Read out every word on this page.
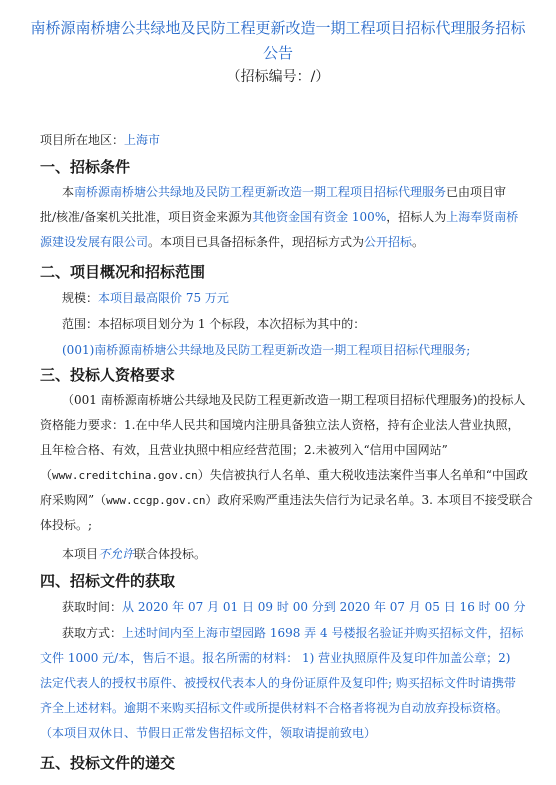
南桥源南桥塘公共绿地及民防工程更新改造一期工程项目招标代理服务招标公告
（招标编号：/）
项目所在地区：上海市
一、招标条件
本南桥源南桥塘公共绿地及民防工程更新改造一期工程项目招标代理服务已由项目审
批/核准/备案机关批准，项目资金来源为其他资金国有资金 100%，招标人为上海奉贤南桥
源建设发展有限公司。本项目已具备招标条件，现招标方式为公开招标。
二、项目概况和招标范围
规模：本项目最高限价 75 万元
范围：本招标项目划分为 1 个标段，本次招标为其中的：
(001)南桥源南桥塘公共绿地及民防工程更新改造一期工程项目招标代理服务;
三、投标人资格要求
（001 南桥源南桥塘公共绿地及民防工程更新改造一期工程项目招标代理服务)的投标人
资格能力要求：1.在中华人民共和国境内注册具备独立法人资格，持有企业法人营业执照，
且年检合格、有效，且营业执照中相应经营范围；2.未被列入“信用中国网站”
（www.creditchina.gov.cn）失信被执行人名单、重大税收违法案件当事人名单和“中国政
府采购网”（www.ccgp.gov.cn）政府采购严重违法失信行为记录名单。3. 本项目不接受联合
体投标。;
本项目不允许联合体投标。
四、招标文件的获取
获取时间：从 2020 年 07 月 01 日 09 时 00 分到 2020 年 07 月 05 日 16 时 00 分
获取方式：上述时间内至上海市望园路 1698 弄 4 号楼报名验证并购买招标文件，招标
文件 1000 元/本，售后不退。报名所需的材料： 1) 营业执照原件及复印件加盖公章；2)
法定代表人的授权书原件、被授权代表本人的身份证原件及复印件; 购买招标文件时请携带
齐全上述材料。逾期不来购买招标文件或所提供材料不合格者将视为自动放弃投标资格。
（本项目双休日、节假日正常发售招标文件，领取请提前致电）
五、投标文件的递交
